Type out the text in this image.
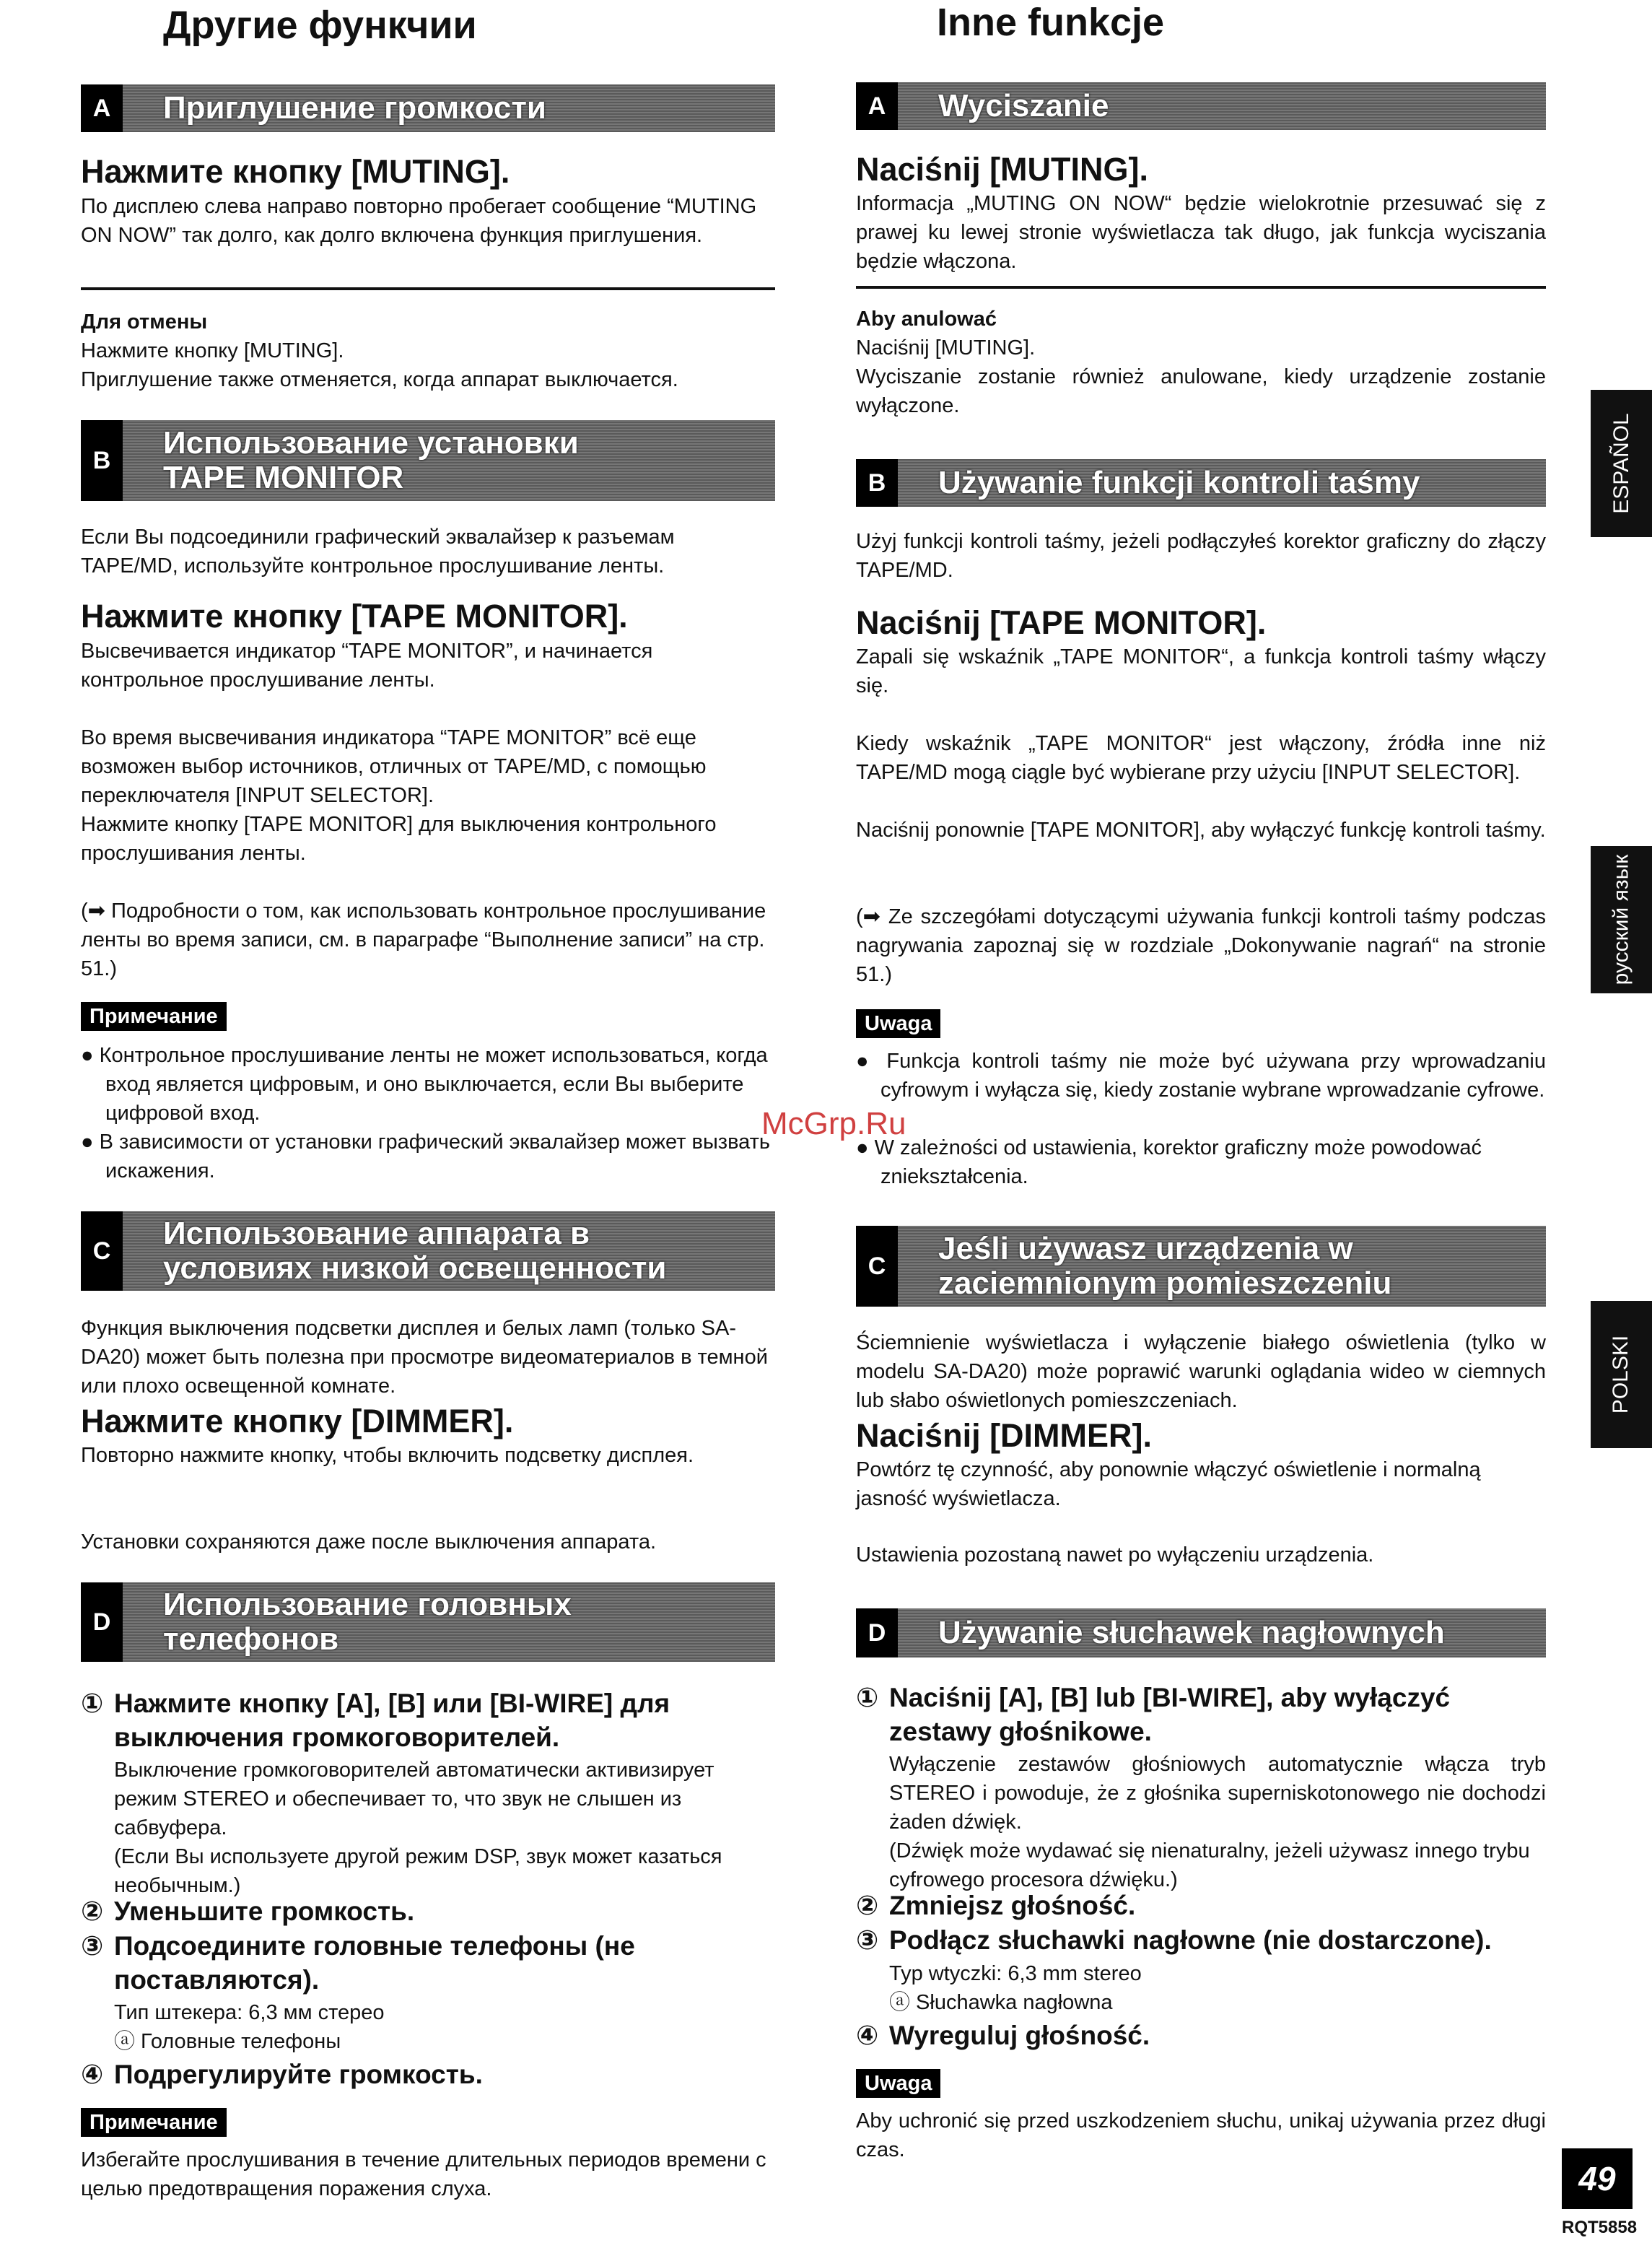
Другие функчии
A	Приглушение громкости

Нажмите кнопку [MUTING].

По дисплею слева направо повторно пробегает сообщение “MUTING ON NOW” так долго, как долго включена функция приглушения.

Для отмены

Нажмите кнопку [MUTING].

Приглушение также отменяется, когда аппарат выключается.

B	Использование установки
TAPE MONITOR

Если Вы подсоединили графический эквалайзер к разъемам TAPE/MD, используйте контрольное прослушивание ленты.

Нажмите кнопку [TAPE MONITOR].

Высвечивается индикатор “TAPE MONITOR”, и начинается контрольное прослушивание ленты.

Во время высвечивания индикатора “TAPE MONITOR” всё еще возможен выбор источников, отличных от TAPE/MD, с помощью переключателя [INPUT SELECTOR].

Нажмите кнопку [TAPE MONITOR] для выключения контрольного прослушивания ленты.

(➡ Подробности о том, как использовать контрольное прослушивание ленты во время записи, см. в параграфе “Выполнение записи” на стр. 51.)

Примечание

● Контрольное прослушивание ленты не может использоваться, когда вход является цифровым, и оно выключается, если Вы выберите цифровой вход.

● В зависимости от установки графический эквалайзер может вызвать искажения.

C	Использование аппарата в
условиях низкой освещенности

Функция выключения подсветки дисплея и белых ламп (только SA-DA20) может быть полезна при просмотре видеоматериалов в темной или плохо освещенной комнате.

Нажмите кнопку [DIMMER].

Повторно нажмите кнопку, чтобы включить подсветку дисплея.

Установки сохраняются даже после выключения аппарата.

D	Использование головных
телефонов

① Нажмите кнопку [A], [B] или [BI-WIRE] для выключения громкоговорителей.

Выключение громкоговорителей автоматически активизирует режим STEREO и обеспечивает то, что звук не слышен из сабвуфера.

(Если Вы используете другой режим DSP, звук может казаться необычным.)

② Уменьшите громкость.

③ Подсоедините головные телефоны (не поставляются).

Тип штекера: 6,3 мм стерео

ⓐ Головные телефоны

④ Подрегулируйте громкость.

Примечание

Избегайте прослушивания в течение длительных периодов времени с целью предотвращения поражения слуха.

Inne funkcje
A	Wyciszanie

Naciśnij [MUTING].

Informacja „MUTING ON NOW“ będzie wielokrotnie przesuwać się z prawej ku lewej stronie wyświetlacza tak długo, jak funkcja wyciszania będzie włączona.

Aby anulować

Naciśnij [MUTING].

Wyciszanie zostanie również anulowane, kiedy urządzenie zostanie wyłączone.

B	Używanie funkcji kontroli taśmy

Użyj funkcji kontroli taśmy, jeżeli podłączyłeś korektor graficzny do złączy TAPE/MD.

Naciśnij [TAPE MONITOR].

Zapali się wskaźnik „TAPE MONITOR“, a funkcja kontroli taśmy włączy się.

Kiedy wskaźnik „TAPE MONITOR“ jest włączony, źródła inne niż TAPE/MD mogą ciągle być wybierane przy użyciu [INPUT SELECTOR].

Naciśnij ponownie [TAPE MONITOR], aby wyłączyć funkcję kontroli taśmy.

(➡ Ze szczegółami dotyczącymi używania funkcji kontroli taśmy podczas nagrywania zapoznaj się w rozdziale „Dokonywanie nagrań“ na stronie 51.)

Uwaga

● Funkcja kontroli taśmy nie może być używana przy wprowadzaniu cyfrowym i wyłącza się, kiedy zostanie wybrane wprowadzanie cyfrowe.

● W zależności od ustawienia, korektor graficzny może powodować zniekształcenia.

C	Jeśli używasz urządzenia w
zaciemnionym pomieszczeniu

Ściemnienie wyświetlacza i wyłączenie białego oświetlenia (tylko w modelu SA-DA20) może poprawić warunki oglądania wideo w ciemnych lub słabo oświetlonych pomieszczeniach.

Naciśnij [DIMMER].

Powtórz tę czynność, aby ponownie włączyć oświetlenie i normalną jasność wyświetlacza.

Ustawienia pozostaną nawet po wyłączeniu urządzenia.

D	Używanie słuchawek nagłownych

① Naciśnij [A], [B] lub [BI-WIRE], aby wyłączyć zestawy głośnikowe.

Wyłączenie zestawów głośniowych automatycznie włącza tryb STEREO i powoduje, że z głośnika superniskotonowego nie dochodzi żaden dźwięk.

(Dźwięk może wydawać się nienaturalny, jeżeli używasz innego trybu cyfrowego procesora dźwięku.)

② Zmniejsz głośność.

③ Podłącz słuchawki nagłowne (nie dostarczone).

Typ wtyczki: 6,3 mm stereo

ⓐ Słuchawka nagłowna

④ Wyreguluj głośność.

Uwaga

Aby uchronić się przed uszkodzeniem słuchu, unikaj używania przez długi czas.

ESPAÑOL
русский язык
POLSKI
49
RQT5858
McGrp.Ru
